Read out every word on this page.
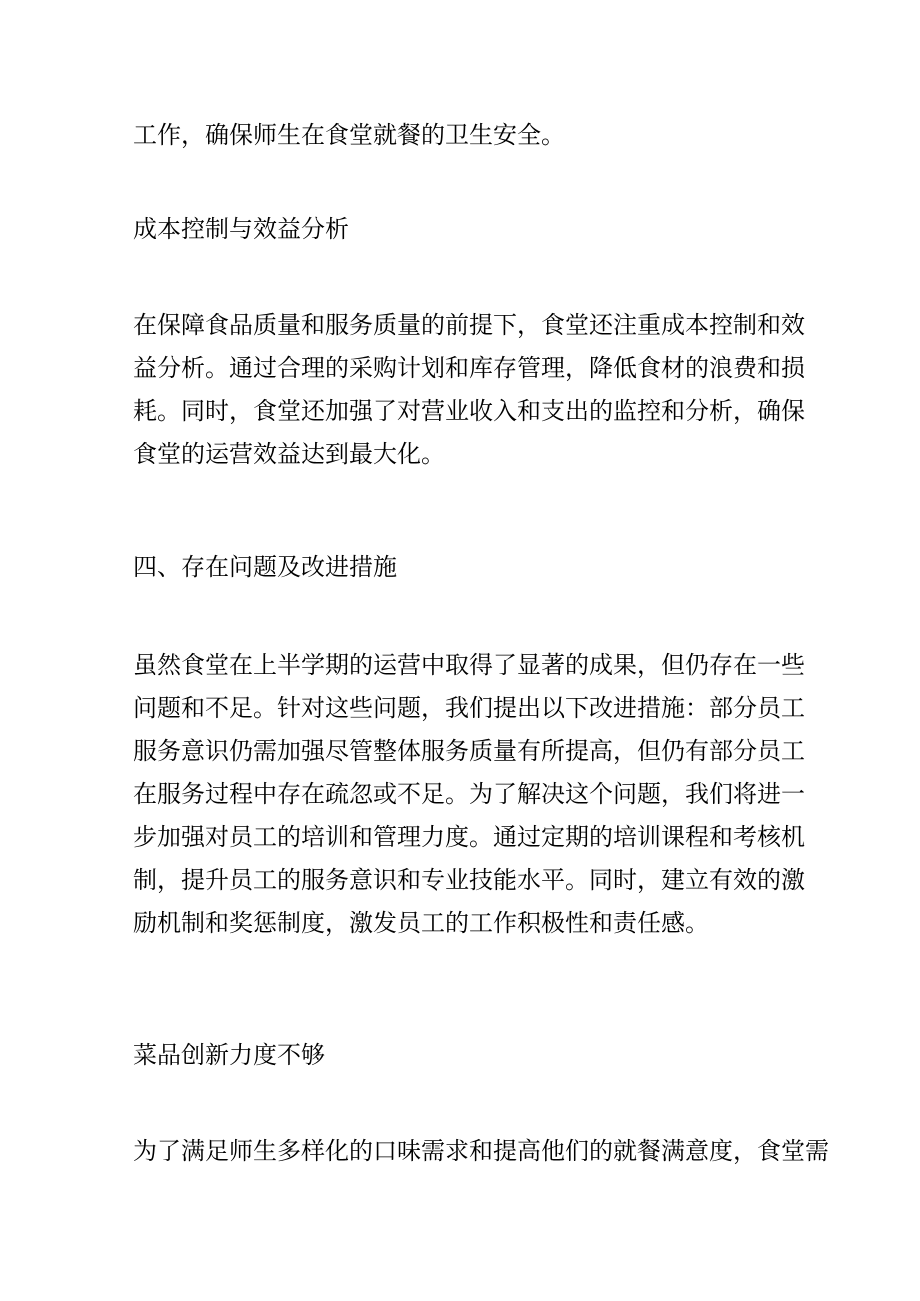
工作，确保师生在食堂就餐的卫生安全。
成本控制与效益分析
在保障食品质量和服务质量的前提下，食堂还注重成本控制和效
益分析。通过合理的采购计划和库存管理，降低食材的浪费和损
耗。同时，食堂还加强了对营业收入和支出的监控和分析，确保
食堂的运营效益达到最大化。
四、存在问题及改进措施
虽然食堂在上半学期的运营中取得了显著的成果，但仍存在一些
问题和不足。针对这些问题，我们提出以下改进措施：部分员工
服务意识仍需加强尽管整体服务质量有所提高，但仍有部分员工
在服务过程中存在疏忽或不足。为了解决这个问题，我们将进一
步加强对员工的培训和管理力度。通过定期的培训课程和考核机
制，提升员工的服务意识和专业技能水平。同时，建立有效的激
励机制和奖惩制度，激发员工的工作积极性和责任感。
菜品创新力度不够
为了满足师生多样化的口味需求和提高他们的就餐满意度，食堂需
